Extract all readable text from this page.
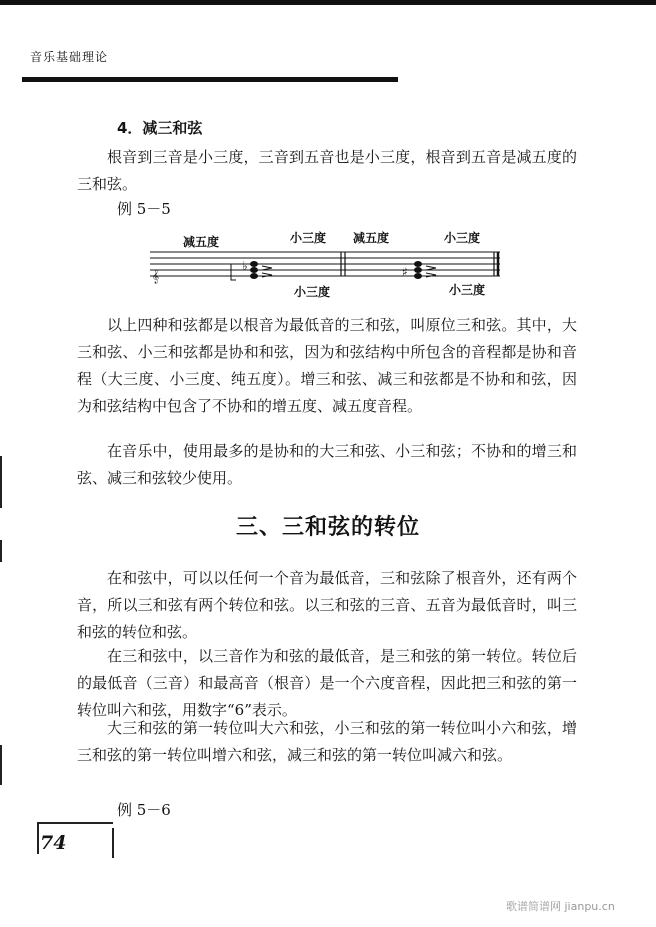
音乐基础理论
4．减三和弦

根音到三音是小三度，三音到五音也是小三度，根音到五音是减五度的三和弦。

例 5－5
𝄞
♭	♯
减五度	小三度
小三度
减五度	小三度
小三度

以上四种和弦都是以根音为最低音的三和弦，叫原位三和弦。其中，大三和弦、小三和弦都是协和和弦，因为和弦结构中所包含的音程都是协和音程（大三度、小三度、纯五度）。增三和弦、减三和弦都是不协和和弦，因为和弦结构中包含了不协和的增五度、减五度音程。

在音乐中，使用最多的是协和的大三和弦、小三和弦；不协和的增三和弦、减三和弦较少使用。

三、三和弦的转位

在和弦中，可以以任何一个音为最低音，三和弦除了根音外，还有两个音，所以三和弦有两个转位和弦。以三和弦的三音、五音为最低音时，叫三和弦的转位和弦。

在三和弦中，以三音作为和弦的最低音，是三和弦的第一转位。转位后的最低音（三音）和最高音（根音）是一个六度音程，因此把三和弦的第一转位叫六和弦，用数字“6”表示。

大三和弦的第一转位叫大六和弦，小三和弦的第一转位叫小六和弦，增三和弦的第一转位叫增六和弦，减三和弦的第一转位叫减六和弦。

例 5－6
74
歌谱简谱网 jianpu.cn
